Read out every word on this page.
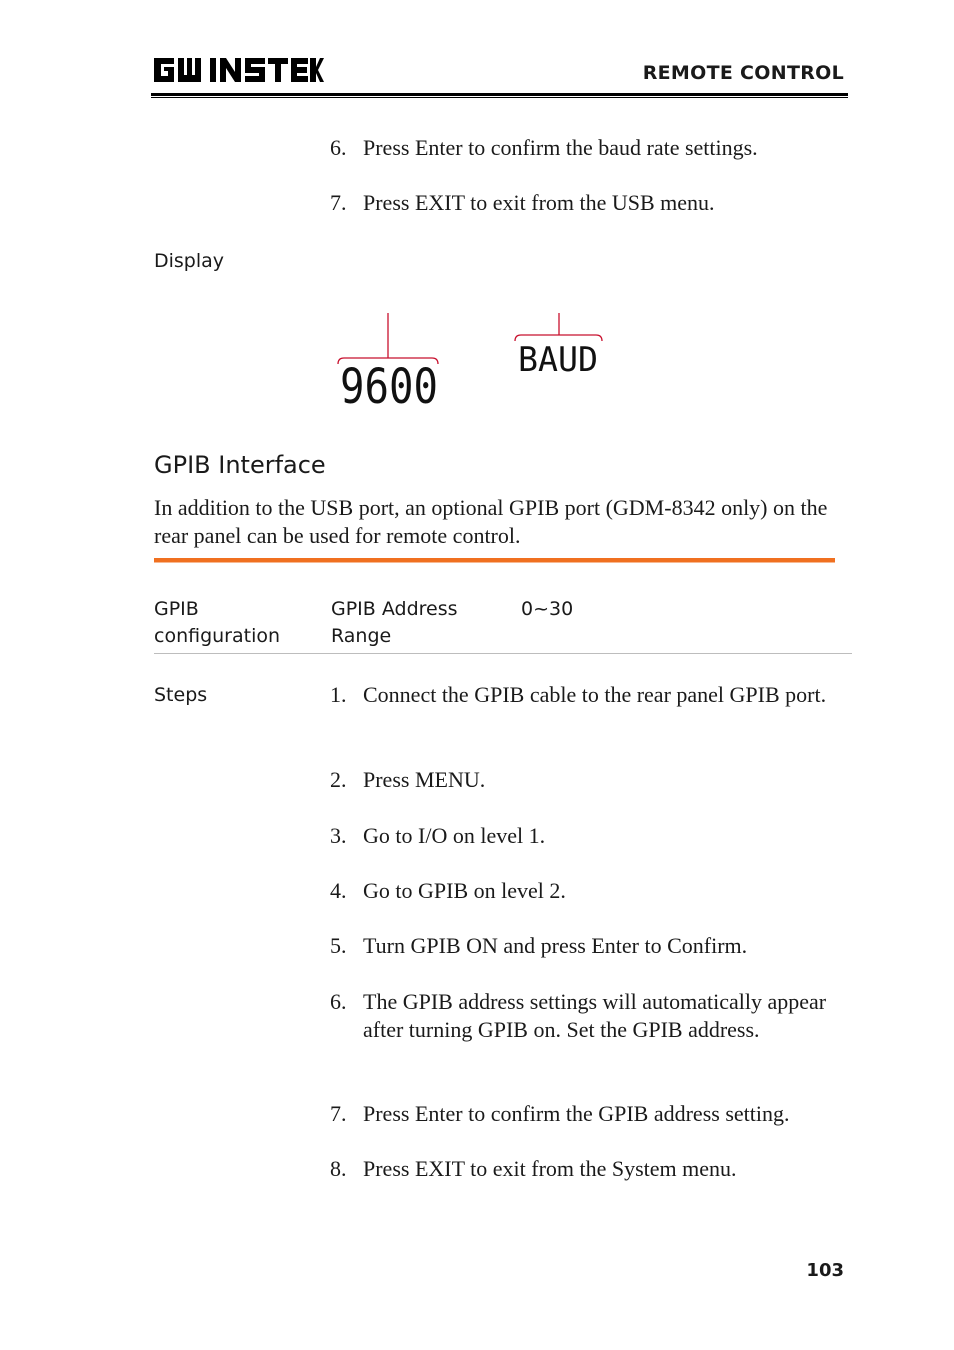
REMOTE CONTROL
6. Press Enter to confirm the baud rate settings.
7. Press EXIT to exit from the USB menu.
Display
9600 BAUD
GPIB Interface
In addition to the USB port, an optional GPIB port (GDM-8342 only) on the rear panel can be used for remote control.
GPIB
configuration
GPIB Address
Range
0~30
Steps	1. Connect the GPIB cable to the rear panel GPIB port.
2. Press MENU.
3. Go to I/O on level 1.
4. Go to GPIB on level 2.
5. Turn GPIB ON and press Enter to Confirm.
6. The GPIB address settings will automatically appear after turning GPIB on. Set the GPIB address.
7. Press Enter to confirm the GPIB address setting.
8. Press EXIT to exit from the System menu.
103
